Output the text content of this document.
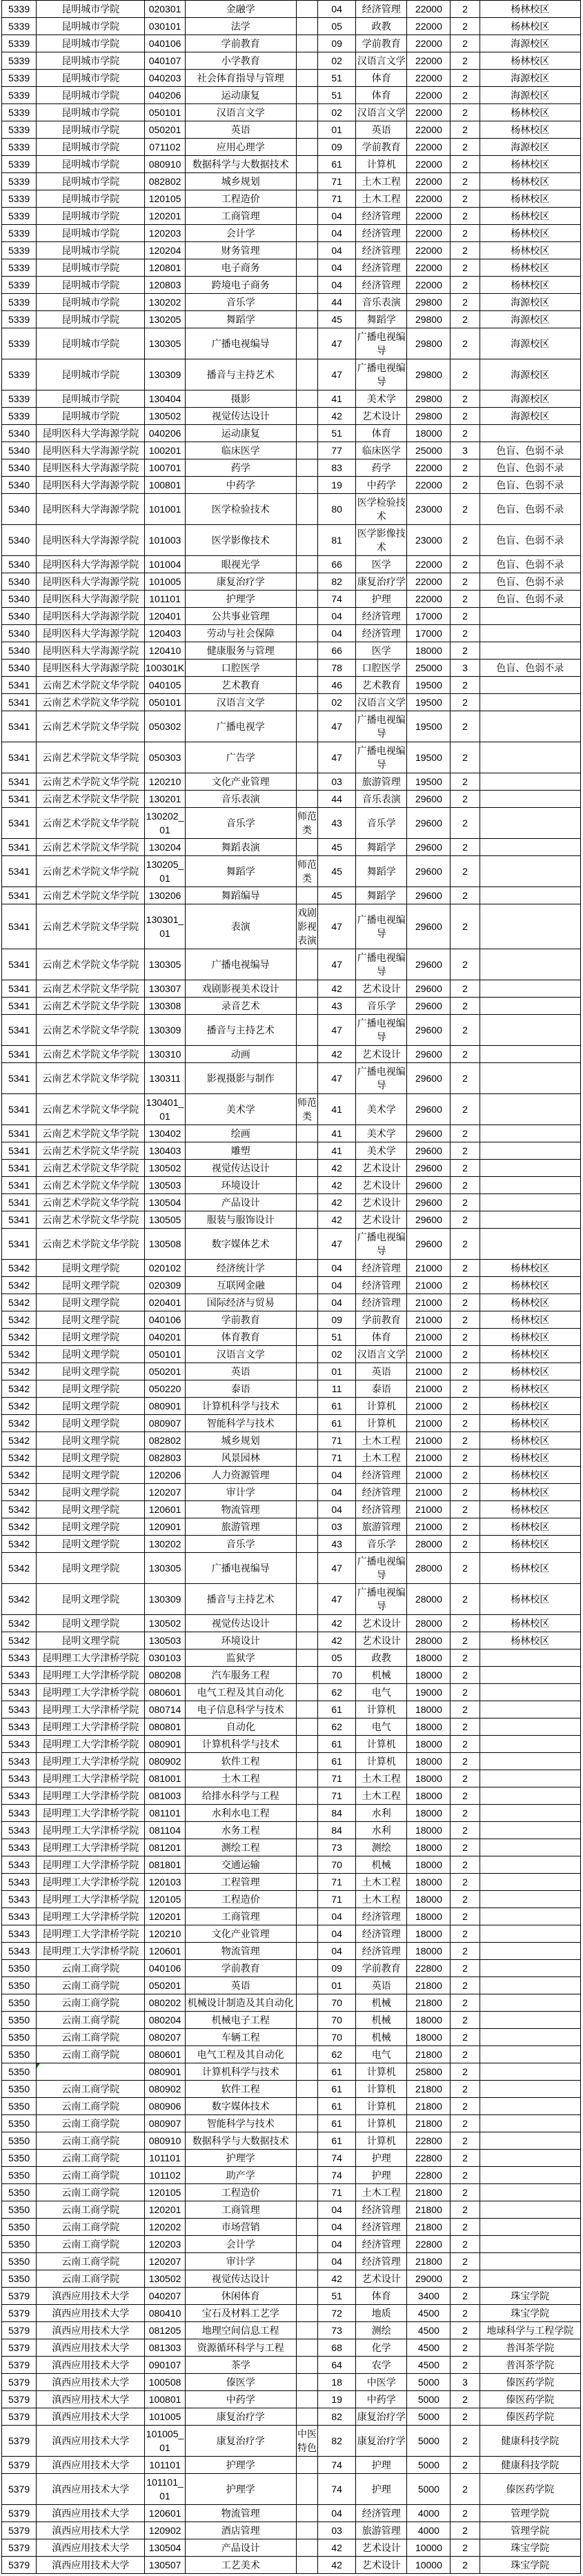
5339	昆明城市学院	020301	金融学		04	经济管理	22000	2	杨林校区
5339	昆明城市学院	030101	法学		05	政教	22000	2	杨林校区
5339	昆明城市学院	040106	学前教育		09	学前教育	22000	2	海源校区
5339	昆明城市学院	040107	小学教育		02	汉语言文学	22000	2	杨林校区
5339	昆明城市学院	040203	社会体育指导与管理		51	体育	22000	2	海源校区
5339	昆明城市学院	040206	运动康复		51	体育	22000	2	海源校区
5339	昆明城市学院	050101	汉语言文学		02	汉语言文学	22000	2	杨林校区
5339	昆明城市学院	050201	英语		01	英语	22000	2	杨林校区
5339	昆明城市学院	071102	应用心理学		09	学前教育	22000	2	海源校区
5339	昆明城市学院	080910	数据科学与大数据技术		61	计算机	22000	2	杨林校区
5339	昆明城市学院	082802	城乡规划		71	土木工程	22000	2	杨林校区
5339	昆明城市学院	120105	工程造价		71	土木工程	22000	2	杨林校区
5339	昆明城市学院	120201	工商管理		04	经济管理	22000	2	杨林校区
5339	昆明城市学院	120203	会计学		04	经济管理	22000	2	杨林校区
5339	昆明城市学院	120204	财务管理		04	经济管理	22000	2	杨林校区
5339	昆明城市学院	120801	电子商务		04	经济管理	22000	2	杨林校区
5339	昆明城市学院	120803	跨境电子商务		04	经济管理	22000	2	杨林校区
5339	昆明城市学院	130202	音乐学		44	音乐表演	29800	2	海源校区
5339	昆明城市学院	130205	舞蹈学		45	舞蹈学	29800	2	海源校区
5339	昆明城市学院	130305	广播电视编导		47	广播电视编导	29800	2	海源校区
5339	昆明城市学院	130309	播音与主持艺术		47	广播电视编导	29800	2	海源校区
5339	昆明城市学院	130404	摄影		41	美术学	29800	2	海源校区
5339	昆明城市学院	130502	视觉传达设计		42	艺术设计	29800	2	海源校区
5340	昆明医科大学海源学院	040206	运动康复		51	体育	18000	2	
5340	昆明医科大学海源学院	100201	临床医学		77	临床医学	25000	3	色盲、色弱不录
5340	昆明医科大学海源学院	100701	药学		83	药学	22000	2	色盲、色弱不录
5340	昆明医科大学海源学院	100801	中药学		19	中药学	22000	2	色盲、色弱不录
5340	昆明医科大学海源学院	101001	医学检验技术		80	医学检验技术	23000	2	色盲、色弱不录
5340	昆明医科大学海源学院	101003	医学影像技术		81	医学影像技术	23000	2	色盲、色弱不录
5340	昆明医科大学海源学院	101004	眼视光学		66	医学	22000	2	色盲、色弱不录
5340	昆明医科大学海源学院	101005	康复治疗学		82	康复治疗学	22000	2	色盲、色弱不录
5340	昆明医科大学海源学院	101101	护理学		74	护理	22000	2	色盲、色弱不录
5340	昆明医科大学海源学院	120401	公共事业管理		04	经济管理	17000	2	
5340	昆明医科大学海源学院	120403	劳动与社会保障		04	经济管理	17000	2	
5340	昆明医科大学海源学院	120410	健康服务与管理		66	医学	18000	2	
5340	昆明医科大学海源学院	100301K	口腔医学		78	口腔医学	25000	3	色盲、色弱不录
5341	云南艺术学院文华学院	040105	艺术教育		46	艺术教育	19500	2	
5341	云南艺术学院文华学院	050101	汉语言文学		02	汉语言文学	19500	2	
5341	云南艺术学院文华学院	050302	广播电视学		47	广播电视编导	19500	2	
5341	云南艺术学院文华学院	050303	广告学		47	广播电视编导	19500	2	
5341	云南艺术学院文华学院	120210	文化产业管理		03	旅游管理	19500	2	
5341	云南艺术学院文华学院	130201	音乐表演		44	音乐表演	29600	2	
5341	云南艺术学院文华学院	130202_01	音乐学	师范类	43	音乐学	29600	2	
5341	云南艺术学院文华学院	130204	舞蹈表演		45	舞蹈学	29600	2	
5341	云南艺术学院文华学院	130205_01	舞蹈学	师范类	45	舞蹈学	29600	2	
5341	云南艺术学院文华学院	130206	舞蹈编导		45	舞蹈学	29600	2	
5341	云南艺术学院文华学院	130301_01	表演	戏剧影视表演	47	广播电视编导	29600	2	
5341	云南艺术学院文华学院	130305	广播电视编导		47	广播电视编导	29600	2	
5341	云南艺术学院文华学院	130307	戏剧影视美术设计		42	艺术设计	29600	2	
5341	云南艺术学院文华学院	130308	录音艺术		43	音乐学	29600	2	
5341	云南艺术学院文华学院	130309	播音与主持艺术		47	广播电视编导	29600	2	
5341	云南艺术学院文华学院	130310	动画		42	艺术设计	29600	2	
5341	云南艺术学院文华学院	130311	影视摄影与制作		47	广播电视编导	29600	2	
5341	云南艺术学院文华学院	130401_01	美术学	师范类	41	美术学	29600	2	
5341	云南艺术学院文华学院	130402	绘画		41	美术学	29600	2	
5341	云南艺术学院文华学院	130403	雕塑		41	美术学	29600	2	
5341	云南艺术学院文华学院	130502	视觉传达设计		42	艺术设计	29600	2	
5341	云南艺术学院文华学院	130503	环境设计		42	艺术设计	29600	2	
5341	云南艺术学院文华学院	130504	产品设计		42	艺术设计	29600	2	
5341	云南艺术学院文华学院	130505	服装与服饰设计		42	艺术设计	29600	2	
5341	云南艺术学院文华学院	130508	数字媒体艺术		47	广播电视编导	29600	2	
5342	昆明文理学院	020102	经济统计学		04	经济管理	21000	2	杨林校区
5342	昆明文理学院	020309	互联网金融		04	经济管理	21000	2	杨林校区
5342	昆明文理学院	020401	国际经济与贸易		04	经济管理	21000	2	杨林校区
5342	昆明文理学院	040106	学前教育		09	学前教育	21000	2	杨林校区
5342	昆明文理学院	040201	体育教育		51	体育	21000	2	杨林校区
5342	昆明文理学院	050101	汉语言文学		02	汉语言文学	21000	2	杨林校区
5342	昆明文理学院	050201	英语		01	英语	21000	2	杨林校区
5342	昆明文理学院	050220	泰语		11	泰语	21000	2	杨林校区
5342	昆明文理学院	080901	计算机科学与技术		61	计算机	21000	2	杨林校区
5342	昆明文理学院	080907	智能科学与技术		61	计算机	21000	2	杨林校区
5342	昆明文理学院	082802	城乡规划		71	土木工程	21000	2	杨林校区
5342	昆明文理学院	082803	风景园林		71	土木工程	21000	2	杨林校区
5342	昆明文理学院	120206	人力资源管理		04	经济管理	21000	2	杨林校区
5342	昆明文理学院	120207	审计学		04	经济管理	21000	2	杨林校区
5342	昆明文理学院	120601	物流管理		04	经济管理	21000	2	杨林校区
5342	昆明文理学院	120901	旅游管理		03	旅游管理	21000	2	杨林校区
5342	昆明文理学院	130202	音乐学		43	音乐学	28000	2	杨林校区
5342	昆明文理学院	130305	广播电视编导		47	广播电视编导	28000	2	杨林校区
5342	昆明文理学院	130309	播音与主持艺术		47	广播电视编导	28000	2	杨林校区
5342	昆明文理学院	130502	视觉传达设计		42	艺术设计	28000	2	杨林校区
5342	昆明文理学院	130503	环境设计		42	艺术设计	28000	2	杨林校区
5343	昆明理工大学津桥学院	030103	监狱学		05	政教	18000	2	
5343	昆明理工大学津桥学院	080208	汽车服务工程		70	机械	18000	2	
5343	昆明理工大学津桥学院	080601	电气工程及其自动化		62	电气	19000	2	
5343	昆明理工大学津桥学院	080714	电子信息科学与技术		61	计算机	18000	2	
5343	昆明理工大学津桥学院	080801	自动化		62	电气	18000	2	
5343	昆明理工大学津桥学院	080901	计算机科学与技术		61	计算机	18000	2	
5343	昆明理工大学津桥学院	080902	软件工程		61	计算机	18000	2	
5343	昆明理工大学津桥学院	081001	土木工程		71	土木工程	18000	2	
5343	昆明理工大学津桥学院	081003	给排水科学与工程		71	土木工程	18000	2	
5343	昆明理工大学津桥学院	081101	水利水电工程		84	水利	18000	2	
5343	昆明理工大学津桥学院	081104	水务工程		84	水利	18000	2	
5343	昆明理工大学津桥学院	081201	测绘工程		73	测绘	18000	2	
5343	昆明理工大学津桥学院	081801	交通运输		70	机械	18000	2	
5343	昆明理工大学津桥学院	120103	工程管理		71	土木工程	18000	2	
5343	昆明理工大学津桥学院	120105	工程造价		71	土木工程	18000	2	
5343	昆明理工大学津桥学院	120201	工商管理		04	经济管理	18000	2	
5343	昆明理工大学津桥学院	120210	文化产业管理		04	经济管理	18000	2	
5343	昆明理工大学津桥学院	120601	物流管理		04	经济管理	18000	2	
5350	云南工商学院	040106	学前教育		09	学前教育	22800	2	
5350	云南工商学院	050201	英语		01	英语	21800	2	
5350	云南工商学院	080202	机械设计制造及其自动化		70	机械	21800	2	
5350	云南工商学院	080204	机械电子工程		70	机械	18000	2	
5350	云南工商学院	080207	车辆工程		70	机械	18000	2	
5350	云南工商学院	080601	电气工程及其自动化		62	电气	21800	2	
5350		080901	计算机科学与技术		61	计算机	25800	2	
5350	云南工商学院	080902	软件工程		61	计算机	21800	2	
5350	云南工商学院	080906	数字媒体技术		61	计算机	21800	2	
5350	云南工商学院	080907	智能科学与技术		61	计算机	21800	2	
5350	云南工商学院	080910	数据科学与大数据技术		61	计算机	22800	2	
5350	云南工商学院	101101	护理学		74	护理	22800	2	
5350	云南工商学院	101102	助产学		74	护理	22800	2	
5350	云南工商学院	120105	工程造价		71	土木工程	21800	2	
5350	云南工商学院	120201	工商管理		04	经济管理	21800	2	
5350	云南工商学院	120202	市场营销		04	经济管理	21800	2	
5350	云南工商学院	120203	会计学		04	经济管理	22800	2	
5350	云南工商学院	120207	审计学		04	经济管理	21800	2	
5350	云南工商学院	130502	视觉传达设计		42	艺术设计	29000	2	
5379	滇西应用技术大学	040207	休闲体育		51	体育	3400	2	珠宝学院
5379	滇西应用技术大学	080410	宝石及材料工艺学		72	地质	4500	2	珠宝学院
5379	滇西应用技术大学	081205	地理空间信息工程		73	测绘	4500	2	地球科学与工程学院
5379	滇西应用技术大学	081303	资源循环科学与工程		68	化学	4500	2	普洱茶学院
5379	滇西应用技术大学	090107	茶学		64	农学	4500	2	普洱茶学院
5379	滇西应用技术大学	100508	傣医学		18	中医学	5000	3	傣医药学院
5379	滇西应用技术大学	100801	中药学		19	中药学	5000	2	傣医药学院
5379	滇西应用技术大学	101005	康复治疗学		82	康复治疗学	5000	2	傣医药学院
5379	滇西应用技术大学	101005_01	康复治疗学	中医特色	82	康复治疗学	5000	2	健康科技学院
5379	滇西应用技术大学	101101	护理学		74	护理	5000	2	健康科技学院
5379	滇西应用技术大学	101101_01	护理学		74	护理	5000	2	傣医药学院
5379	滇西应用技术大学	120601	物流管理		04	经济管理	4000	2	管理学院
5379	滇西应用技术大学	120902	酒店管理		03	旅游管理	4000	2	管理学院
5379	滇西应用技术大学	130504	产品设计		42	艺术设计	10000	2	珠宝学院
5379	滇西应用技术大学	130507	工艺美术		42	艺术设计	10000	2	珠宝学院
